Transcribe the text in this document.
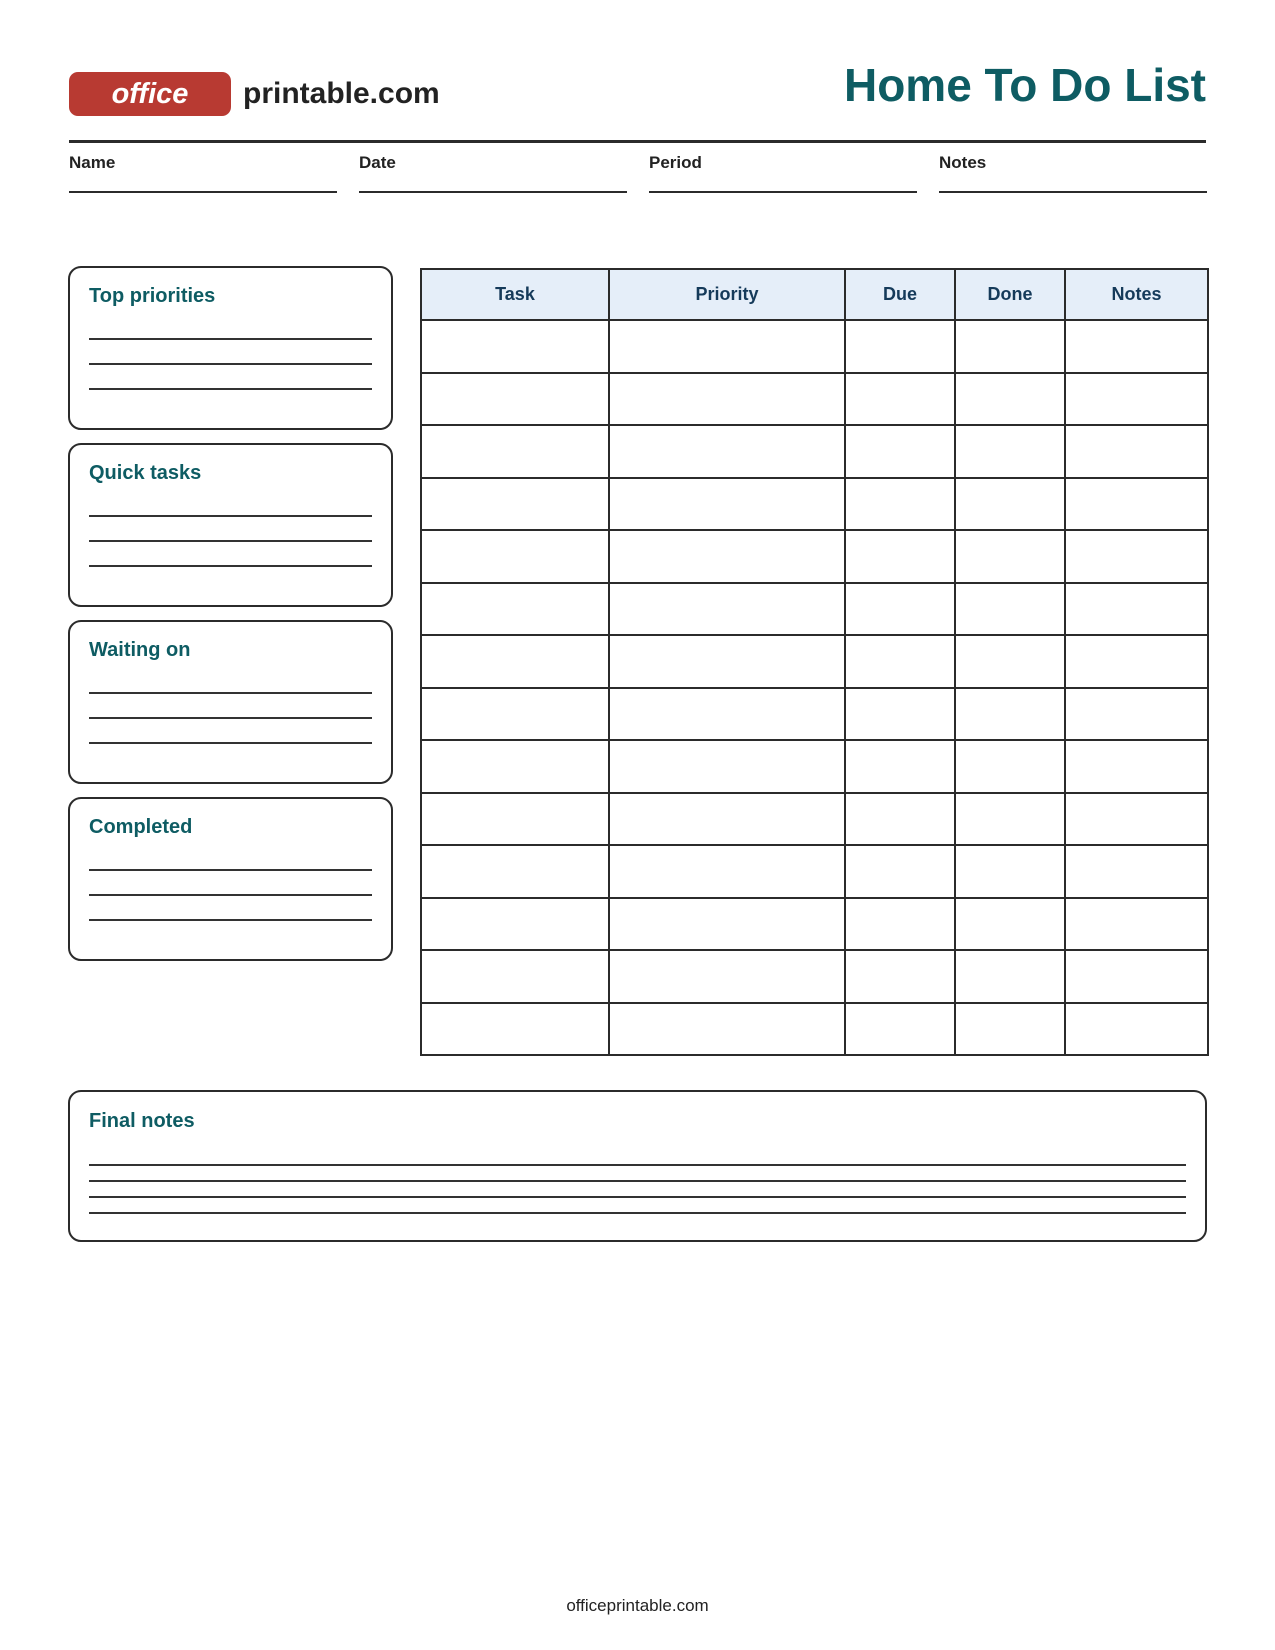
office	printable.com	Home To Do List
Name	Date	Period	Notes
Top priorities
Quick tasks
Waiting on
Completed
Task	Priority	Due	Done	Notes

Final notes
officeprintable.com
